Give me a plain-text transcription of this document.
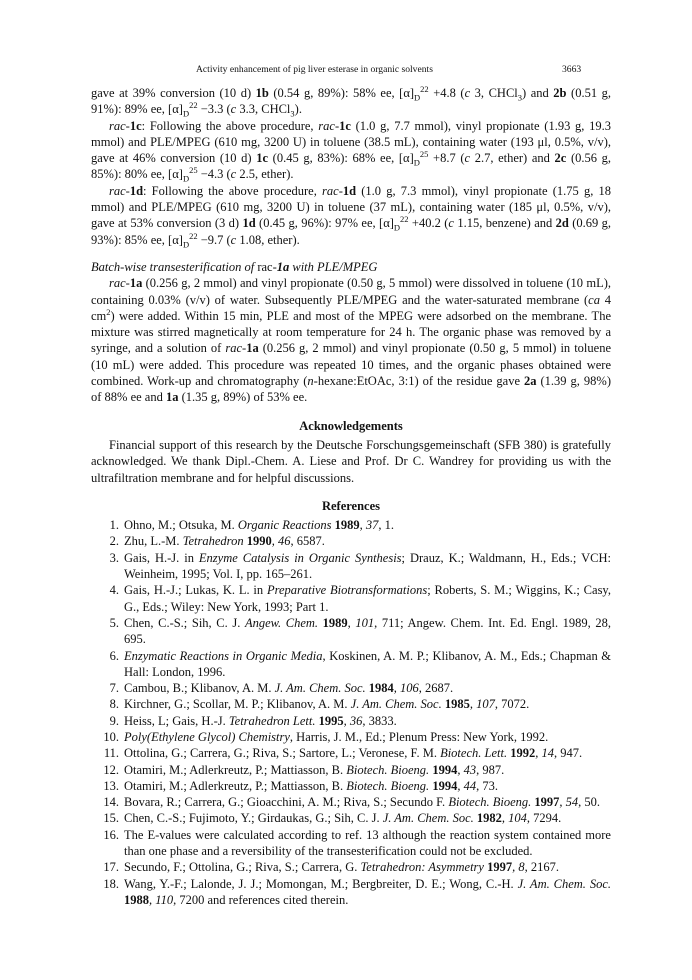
Activity enhancement of pig liver esterase in organic solvents	3663

gave at 39% conversion (10 d) 1b (0.54 g, 89%): 58% ee, $[\alpha]_D^{22} +4.8$ (c 3, CHCl$_3$) and 2b (0.51 g, 91%): 89% ee, $[\alpha]_D^{22} -3.3$ (c 3.3, CHCl$_3$).

rac-1c: Following the above procedure, rac-1c (1.0 g, 7.7 mmol), vinyl propionate (1.93 g, 19.3 mmol) and PLE/MPEG (610 mg, 3200 U) in toluene (38.5 mL), containing water (193 μl, 0.5%, v/v), gave at 46% conversion (10 d) 1c (0.45 g, 83%): 68% ee, $[\alpha]_D^{25} +8.7$ (c 2.7, ether) and 2c (0.56 g, 85%): 80% ee, $[\alpha]_D^{25} -4.3$ (c 2.5, ether).

rac-1d: Following the above procedure, rac-1d (1.0 g, 7.3 mmol), vinyl propionate (1.75 g, 18 mmol) and PLE/MPEG (610 mg, 3200 U) in toluene (37 mL), containing water (185 μl, 0.5%, v/v), gave at 53% conversion (3 d) 1d (0.45 g, 96%): 97% ee, $[\alpha]_D^{22} +40.2$ (c 1.15, benzene) and 2d (0.69 g, 93%): 85% ee, $[\alpha]_D^{22} -9.7$ (c 1.08, ether).

Batch-wise transesterification of rac-1a with PLE/MPEG

rac-1a (0.256 g, 2 mmol) and vinyl propionate (0.50 g, 5 mmol) were dissolved in toluene (10 mL), containing 0.03% (v/v) of water. Subsequently PLE/MPEG and the water-saturated membrane (ca 4 $cm^2$) were added. Within 15 min, PLE and most of the MPEG were adsorbed on the membrane. The mixture was stirred magnetically at room temperature for 24 h. The organic phase was removed by a syringe, and a solution of rac-1a (0.256 g, 2 mmol) and vinyl propionate (0.50 g, 5 mmol) in toluene (10 mL) were added. This procedure was repeated 10 times, and the organic phases obtained were combined. Work-up and chromatography (n-hexane:EtOAc, 3:1) of the residue gave 2a (1.39 g, 98%) of 88% ee and 1a (1.35 g, 89%) of 53% ee.

Acknowledgements

Financial support of this research by the Deutsche Forschungsgemeinschaft (SFB 380) is gratefully acknowledged. We thank Dipl.-Chem. A. Liese and Prof. Dr C. Wandrey for providing us with the ultrafiltration membrane and for helpful discussions.

References

1. Ohno, M.; Otsuka, M. Organic Reactions 1989, 37, 1.
2. Zhu, L.-M. Tetrahedron 1990, 46, 6587.
3. Gais, H.-J. in Enzyme Catalysis in Organic Synthesis; Drauz, K.; Waldmann, H., Eds.; VCH: Weinheim, 1995; Vol. I, pp. 165–261.
4. Gais, H.-J.; Lukas, K. L. in Preparative Biotransformations; Roberts, S. M.; Wiggins, K.; Casy, G., Eds.; Wiley: New York, 1993; Part 1.
5. Chen, C.-S.; Sih, C. J. Angew. Chem. 1989, 101, 711; Angew. Chem. Int. Ed. Engl. 1989, 28, 695.
6. Enzymatic Reactions in Organic Media, Koskinen, A. M. P.; Klibanov, A. M., Eds.; Chapman & Hall: London, 1996.
7. Cambou, B.; Klibanov, A. M. J. Am. Chem. Soc. 1984, 106, 2687.
8. Kirchner, G.; Scollar, M. P.; Klibanov, A. M. J. Am. Chem. Soc. 1985, 107, 7072.
9. Heiss, L; Gais, H.-J. Tetrahedron Lett. 1995, 36, 3833.
10. Poly(Ethylene Glycol) Chemistry, Harris, J. M., Ed.; Plenum Press: New York, 1992.
11. Ottolina, G.; Carrera, G.; Riva, S.; Sartore, L.; Veronese, F. M. Biotech. Lett. 1992, 14, 947.
12. Otamiri, M.; Adlerkreutz, P.; Mattiasson, B. Biotech. Bioeng. 1994, 43, 987.
13. Otamiri, M.; Adlerkreutz, P.; Mattiasson, B. Biotech. Bioeng. 1994, 44, 73.
14. Bovara, R.; Carrera, G.; Gioacchini, A. M.; Riva, S.; Secundo F. Biotech. Bioeng. 1997, 54, 50.
15. Chen, C.-S.; Fujimoto, Y.; Girdaukas, G.; Sih, C. J. J. Am. Chem. Soc. 1982, 104, 7294.
16. The E-values were calculated according to ref. 13 although the reaction system contained more than one phase and a reversibility of the transesterification could not be excluded.
17. Secundo, F.; Ottolina, G.; Riva, S.; Carrera, G. Tetrahedron: Asymmetry 1997, 8, 2167.
18. Wang, Y.-F.; Lalonde, J. J.; Momongan, M.; Bergbreiter, D. E.; Wong, C.-H. J. Am. Chem. Soc. 1988, 110, 7200 and references cited therein.
